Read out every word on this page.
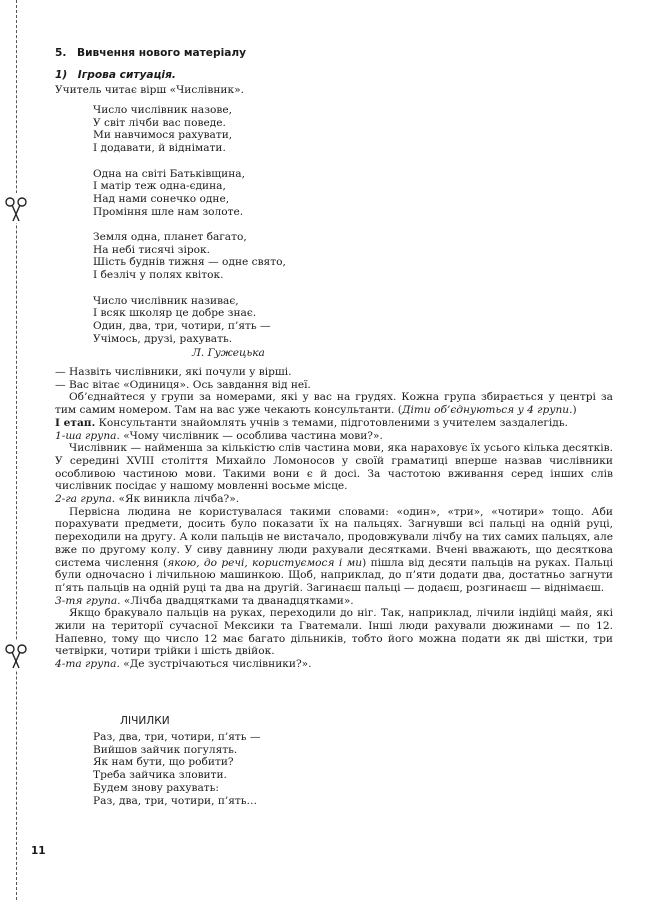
5. Вивчення нового матеріалу
1) Ігрова ситуація.
Учитель читає вірш «Числівник».
Число числівник назове,
У світ лічби вас поведе.
Ми навчимося рахувати,
І додавати, й віднімати.

Одна на світі Батьківщина,
І матір теж одна-єдина,
Над нами сонечко одне,
Проміння шле нам золоте.

Земля одна, планет багато,
На небі тисячі зірок.
Шість буднів тижня — одне свято,
І безліч у полях квіток.

Число числівник називає,
І всяк школяр це добре знає.
Один, два, три, чотири, п’ять —
Учімось, друзі, рахувать.
Л. Гужецька

— Назвіть числівники, які почули у вірші.

— Вас вітає «Одиниця». Ось завдання від неї.

Об’єднайтеся у групи за номерами, які у вас на грудях. Кожна група збирається у центрі за тим самим номером. Там на вас уже чекають консультанти. (Діти об’єднуються у 4 групи.)

І етап. Консультанти знайомлять учнів з темами, підготовленими з учителем заздалегідь.

1-ша група. «Чому числівник — особлива частина мови?».

Числівник — найменша за кількістю слів частина мови, яка нараховує їх усього кілька десятків. У середині XVIII століття Михайло Ломоносов у своїй граматиці вперше назвав числівники особливою частиною мови. Такими вони є й досі. За частотою вживання серед інших слів числівник посідає у нашому мовленні восьме місце.

2-га група. «Як виникла лічба?».

Первісна людина не користувалася такими словами: «один», «три», «чотири» тощо. Аби порахувати предмети, досить було показати їх на пальцях. Загнувши всі пальці на одній руці, переходили на другу. А коли пальців не вистачало, продовжували лічбу на тих самих пальцях, але вже по другому колу. У сиву давнину люди рахували десятками. Вчені вважають, що десяткова система числення (якою, до речі, користуємося і ми) пішла від десяти пальців на руках. Пальці були одночасно і лічильною машинкою. Щоб, наприклад, до п’яти додати два, достатньо загнути п’ять пальців на одній руці та два на другій. Загинаєш пальці — додаєш, розгинаєш — віднімаєш.

3-тя група. «Лічба двадцятками та дванадцятками».

Якщо бракувало пальців на руках, переходили до ніг. Так, наприклад, лічили індійці майя, які жили на території сучасної Мексики та Гватемали. Інші люди рахували дюжинами — по 12. Напевно, тому що число 12 має багато дільників, тобто його можна подати як дві шістки, три четвірки, чотири трійки і шість двійок.

4-та група. «Де зустрічаються числівники?».

ЛІЧИЛКИ
Раз, два, три, чотири, п’ять —
Вийшов зайчик погулять.
Як нам бути, що робити?
Треба зайчика зловити.
Будем знову рахувать:
Раз, два, три, чотири, п’ять…
11
